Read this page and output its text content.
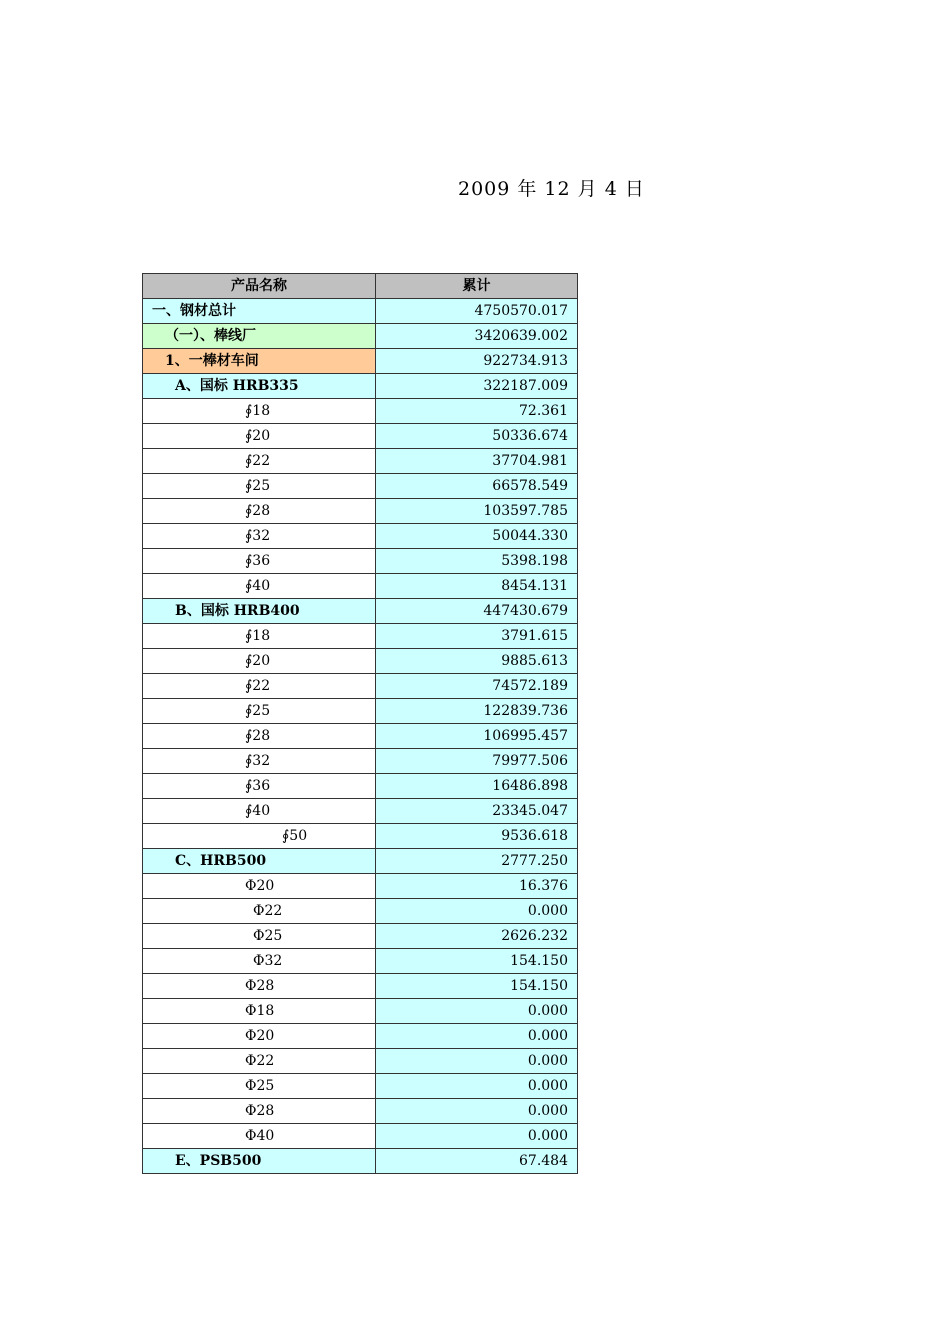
2009 年 12 月 4 日
产品名称	累计
一、钢材总计	4750570.017
（一）、棒线厂	3420639.002
1、一棒材车间	922734.913
A、国标 HRB335	322187.009
∮18	72.361
∮20	50336.674
∮22	37704.981
∮25	66578.549
∮28	103597.785
∮32	50044.330
∮36	5398.198
∮40	8454.131
B、国标 HRB400	447430.679
∮18	3791.615
∮20	9885.613
∮22	74572.189
∮25	122839.736
∮28	106995.457
∮32	79977.506
∮36	16486.898
∮40	23345.047
∮50	9536.618
C、HRB500	2777.250
Φ20	16.376
Φ22	0.000
Φ25	2626.232
Φ32	154.150
Φ28	154.150
Φ18	0.000
Φ20	0.000
Φ22	0.000
Φ25	0.000
Φ28	0.000
Φ40	0.000
E、PSB500	67.484
